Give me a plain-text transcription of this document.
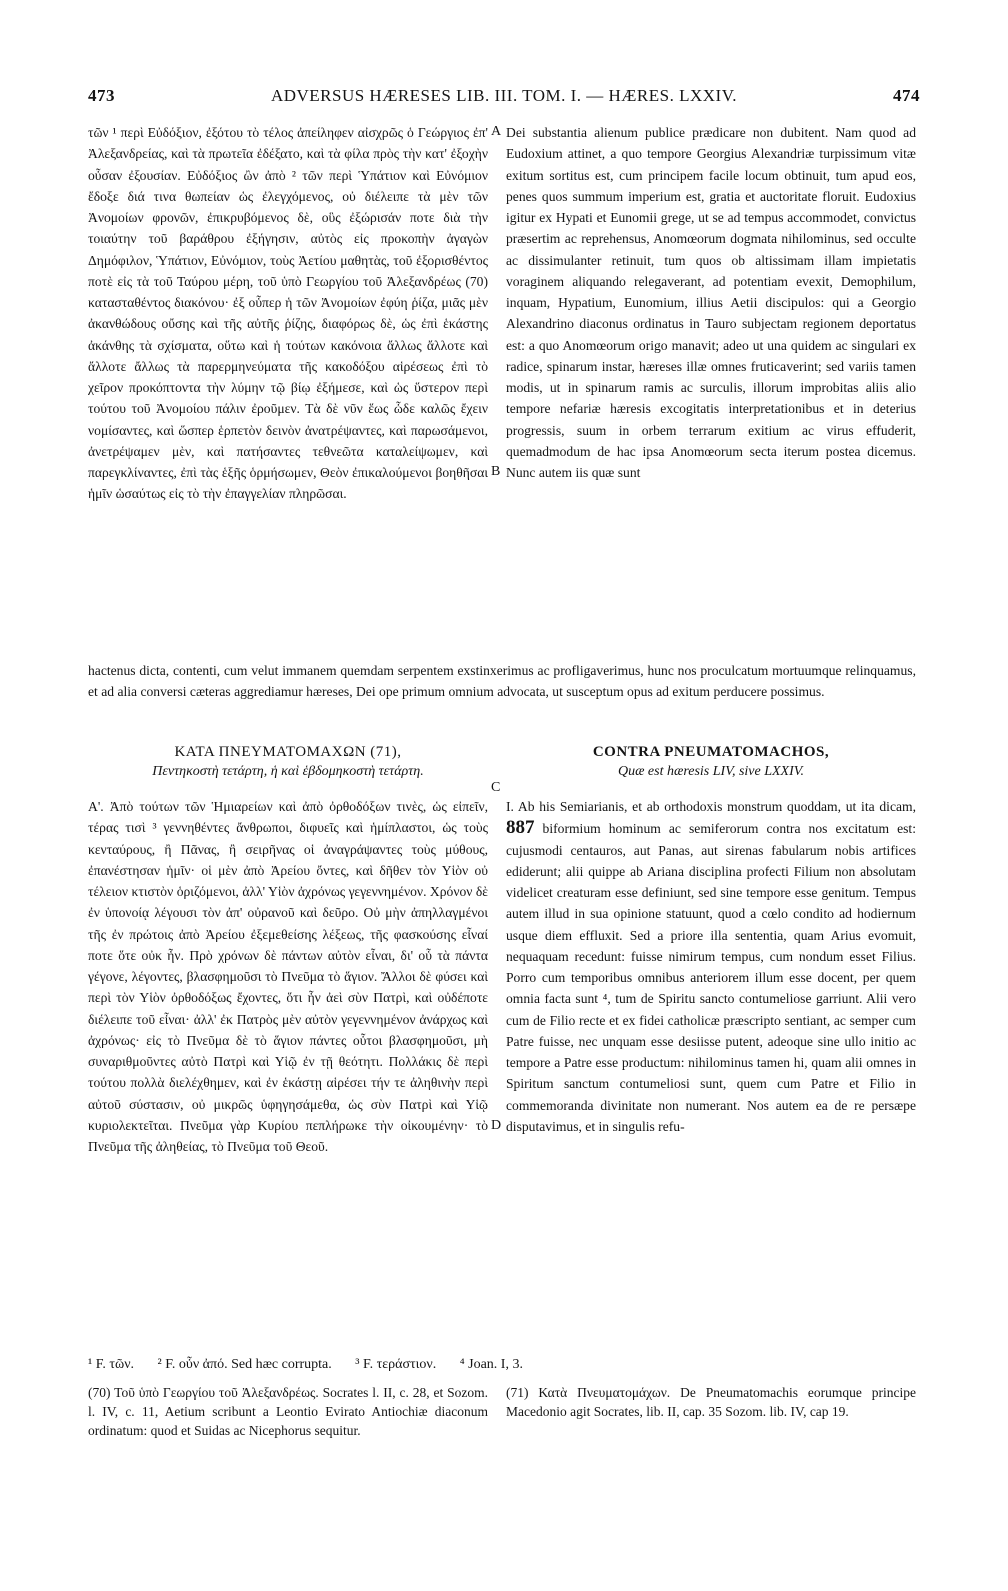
473	ADVERSUS HÆRESES LIB. III. TOM. I. — HÆRES. LXXIV.	474

τῶν ¹ περὶ Εὐδόξιον, ἐξότου τὸ τέλος ἀπείληφεν αἰσχρῶς ὁ Γεώργιος ἐπ' Ἀλεξανδρείας, καὶ τὰ πρωτεῖα ἐδέξατο, καὶ τὰ φίλα πρὸς τὴν κατ' ἐξοχὴν οὖσαν ἐξουσίαν. Εὐδόξιος ὢν ἀπὸ ² τῶν περὶ Ὑπάτιον καὶ Εὐνόμιον ἔδοξε διά τινα θωπείαν ὡς ἐλεγχόμενος, οὐ διέλειπε τὰ μὲν τῶν Ἀνομοίων φρονῶν, ἐπικρυβόμενος δὲ, οὓς ἐξώρισάν ποτε διὰ τὴν τοιαύτην τοῦ βαράθρου ἐξήγησιν, αὐτὸς εἰς προκοπὴν ἀγαγὼν Δημόφιλον, Ὑπάτιον, Εὐνόμιον, τοὺς Ἀετίου μαθητὰς, τοῦ ἐξορισθέντος ποτὲ εἰς τὰ τοῦ Ταύρου μέρη, τοῦ ὑπὸ Γεωργίου τοῦ Ἀλεξανδρέως (70) κατασταθέντος διακόνου· ἐξ οὗπερ ἡ τῶν Ἀνομοίων ἐφύη ῥίζα, μιᾶς μὲν ἀκανθώδους οὔσης καὶ τῆς αὐτῆς ῥίζης, διαφόρως δὲ, ὡς ἐπὶ ἑκάστης ἀκάνθης τὰ σχίσματα, οὕτω καὶ ἡ τούτων κακόνοια ἄλλως ἄλλοτε καὶ ἄλλοτε ἄλλως τὰ παρερμηνεύματα τῆς κακοδόξου αἱρέσεως ἐπὶ τὸ χεῖρον προκόπτοντα τὴν λύμην τῷ βίῳ ἐξήμεσε, καὶ ὡς ὕστερον περὶ τούτου τοῦ Ἀνομοίου πάλιν ἐροῦμεν. Τὰ δὲ νῦν ἕως ὧδε καλῶς ἔχειν νομίσαντες, καὶ ὥσπερ ἑρπετὸν δεινὸν ἀνατρέψαντες, καὶ παρωσάμενοι, ἀνετρέψαμεν μὲν, καὶ πατήσαντες τεθνεῶτα καταλείψωμεν, καὶ παρεγκλίναντες, ἐπὶ τὰς ἑξῆς ὁρμήσωμεν, Θεὸν ἐπικαλούμενοι βοηθῆσαι ἡμῖν ὡσαύτως εἰς τὸ τὴν ἐπαγγελίαν πληρῶσαι.

Dei substantia alienum publice prædicare non dubitent. Nam quod ad Eudoxium attinet, a quo tempore Georgius Alexandriæ turpissimum vitæ exitum sortitus est, cum principem facile locum obtinuit, tum apud eos, penes quos summum imperium est, gratia et auctoritate floruit. Eudoxius igitur ex Hypati et Eunomii grege, ut se ad tempus accommodet, convictus præsertim ac reprehensus, Anomœorum dogmata nihilominus, sed occulte ac dissimulanter retinuit, tum quos ob altissimam illam impietatis voraginem aliquando relegaverant, ad potentiam evexit, Demophilum, inquam, Hypatium, Eunomium, illius Aetii discipulos: qui a Georgio Alexandrino diaconus ordinatus in Tauro subjectam regionem deportatus est: a quo Anomœorum origo manavit; adeo ut una quidem ac singulari ex radice, spinarum instar, hæreses illæ omnes fruticaverint; sed variis tamen modis, ut in spinarum ramis ac surculis, illorum improbitas aliis alio tempore nefariæ hæresis excogitatis interpretationibus et in deterius progressis, suum in orbem terrarum exitium ac virus effuderit, quemadmodum de hac ipsa Anomœorum secta iterum postea dicemus. Nunc autem iis quæ sunt

A
B
C
D
hactenus dicta, contenti, cum velut immanem quemdam serpentem exstinxerimus ac profligaverimus, hunc nos proculcatum mortuumque relinquamus, et ad alia conversi cæteras aggrediamur hæreses, Dei ope primum omnium advocata, ut susceptum opus ad exitum perducere possimus.
ΚΑΤΑ ΠΝΕΥΜΑΤΟΜΑΧΩΝ (71),
Πεντηκοστὴ τετάρτη, ἡ καὶ ἑβδομηκοστὴ τετάρτη.
CONTRA PNEUMATOMACHOS,
Quæ est hæresis LIV, sive LXXIV.

Α'. Ἀπὸ τούτων τῶν Ἡμιαρείων καὶ ἀπὸ ὀρθοδόξων τινὲς, ὡς εἰπεῖν, τέρας τισὶ ³ γεννηθέντες ἄνθρωποι, διφυεῖς καὶ ἡμίπλαστοι, ὡς τοὺς κενταύρους, ἢ Πᾶνας, ἢ σειρῆνας οἱ ἀναγράψαντες τοὺς μύθους, ἐπανέστησαν ἡμῖν· οἱ μὲν ἀπὸ Ἀρείου ὄντες, καὶ δῆθεν τὸν Υἱὸν οὐ τέλειον κτιστὸν ὁριζόμενοι, ἀλλ' Υἱὸν ἀχρόνως γεγεννημένον. Χρόνον δὲ ἐν ὑπονοίᾳ λέγουσι τὸν ἀπ' οὐρανοῦ καὶ δεῦρο. Οὐ μὴν ἀπηλλαγμένοι τῆς ἐν πρώτοις ἀπὸ Ἀρείου ἐξεμεθείσης λέξεως, τῆς φασκούσης εἶναί ποτε ὅτε οὐκ ἦν. Πρὸ χρόνων δὲ πάντων αὐτὸν εἶναι, δι' οὗ τὰ πάντα γέγονε, λέγοντες, βλασφημοῦσι τὸ Πνεῦμα τὸ ἅγιον. Ἄλλοι δὲ φύσει καὶ περὶ τὸν Υἱὸν ὀρθοδόξως ἔχοντες, ὅτι ἦν ἀεὶ σὺν Πατρὶ, καὶ οὐδέποτε διέλειπε τοῦ εἶναι· ἀλλ' ἐκ Πατρὸς μὲν αὐτὸν γεγεννημένον ἀνάρχως καὶ ἀχρόνως· εἰς τὸ Πνεῦμα δὲ τὸ ἅγιον πάντες οὗτοι βλασφημοῦσι, μὴ συναριθμοῦντες αὐτὸ Πατρὶ καὶ Υἱῷ ἐν τῇ θεότητι. Πολλάκις δὲ περὶ τούτου πολλὰ διελέχθημεν, καὶ ἐν ἑκάστῃ αἱρέσει τήν τε ἀληθινὴν περὶ αὐτοῦ σύστασιν, οὐ μικρῶς ὑφηγησάμεθα, ὡς σὺν Πατρὶ καὶ Υἱῷ κυριολεκτεῖται. Πνεῦμα γὰρ Κυρίου πεπλήρωκε τὴν οἰκουμένην· τὸ Πνεῦμα τῆς ἀληθείας, τὸ Πνεῦμα τοῦ Θεοῦ.

I. Ab his Semiarianis, et ab orthodoxis monstrum quoddam, ut ita dicam, 887 biformium hominum ac semiferorum contra nos excitatum est: cujusmodi centauros, aut Panas, aut sirenas fabularum nobis artifices ediderunt; alii quippe ab Ariana disciplina profecti Filium non absolutam videlicet creaturam esse definiunt, sed sine tempore esse genitum. Tempus autem illud in sua opinione statuunt, quod a cœlo condito ad hodiernum usque diem effluxit. Sed a priore illa sententia, quam Arius evomuit, nequaquam recedunt: fuisse nimirum tempus, cum nondum esset Filius. Porro cum temporibus omnibus anteriorem illum esse docent, per quem omnia facta sunt ⁴, tum de Spiritu sancto contumeliose garriunt. Alii vero cum de Filio recte et ex fidei catholicæ præscripto sentiant, ac semper cum Patre fuisse, nec unquam esse desiisse putent, adeoque sine ullo initio ac tempore a Patre esse productum: nihilominus tamen hi, quam alii omnes in Spiritum sanctum contumeliosi sunt, quem cum Patre et Filio in commemoranda divinitate non numerant. Nos autem ea de re persæpe disputavimus, et in singulis refu-

¹ F. τῶν. ² F. οὖν ἀπό. Sed hæc corrupta. ³ F. τεράστιον. ⁴ Joan. I, 3.
(70) Τοῦ ὑπὸ Γεωργίου τοῦ Ἀλεξανδρέως. Socrates l. II, c. 28, et Sozom. l. IV, c. 11, Aetium scribunt a Leontio Evirato Antiochiæ diaconum ordinatum: quod et Suidas ac Nicephorus sequitur.
(71) Κατὰ Πνευματομάχων. De Pneumatomachis eorumque principe Macedonio agit Socrates, lib. II, cap. 35 Sozom. lib. IV, cap 19.
